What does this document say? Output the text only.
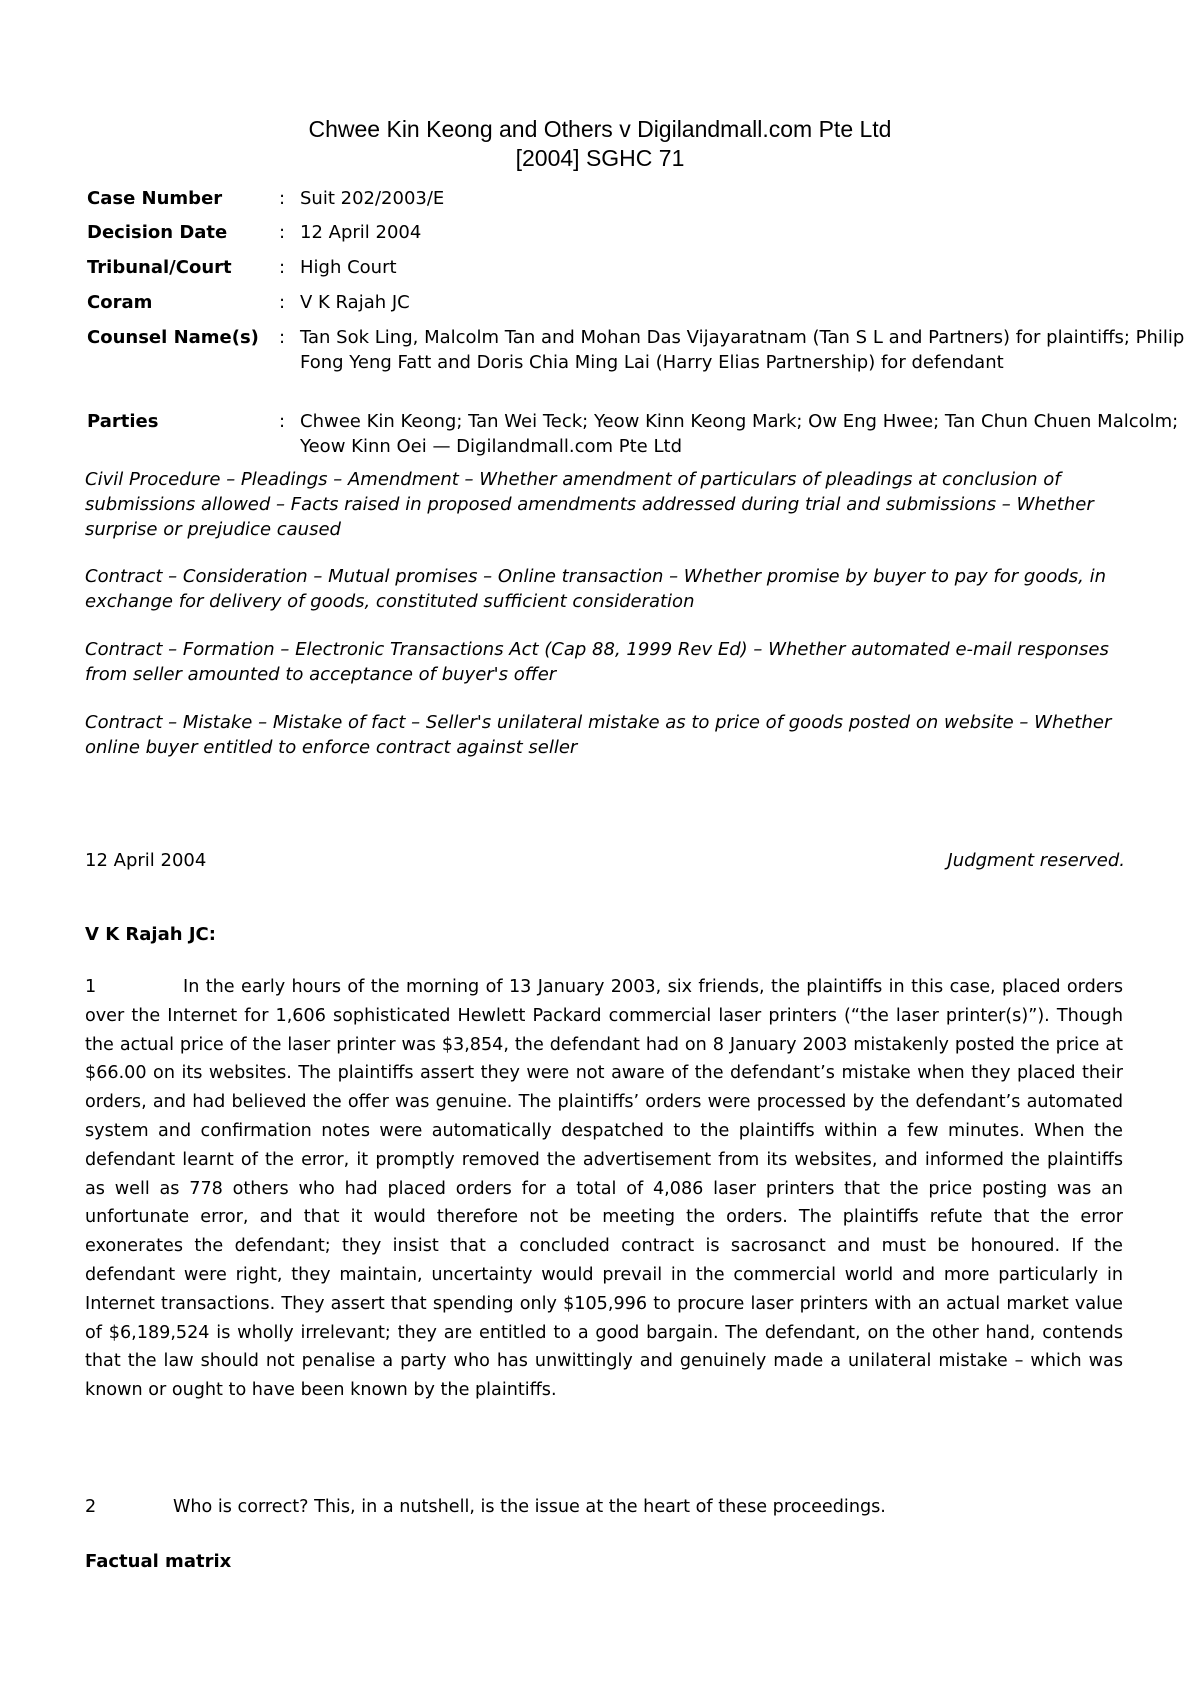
Chwee Kin Keong and Others v Digilandmall.com Pte Ltd
[2004] SGHC 71
Case Number	: Suit 202/2003/E
Decision Date	: 12 April 2004
Tribunal/Court	: High Court
Coram	: V K Rajah JC
Counsel Name(s)	: Tan Sok Ling, Malcolm Tan and Mohan Das Vijayaratnam (Tan S L and Partners) for plaintiffs; Philip Fong Yeng Fatt and Doris Chia Ming Lai (Harry Elias Partnership) for defendant
Parties	: Chwee Kin Keong; Tan Wei Teck; Yeow Kinn Keong Mark; Ow Eng Hwee; Tan Chun Chuen Malcolm; Yeow Kinn Oei — Digilandmall.com Pte Ltd
Civil Procedure – Pleadings – Amendment – Whether amendment of particulars of pleadings at conclusion of submissions allowed – Facts raised in proposed amendments addressed during trial and submissions – Whether surprise or prejudice caused
Contract – Consideration – Mutual promises – Online transaction – Whether promise by buyer to pay for goods, in exchange for delivery of goods, constituted sufficient consideration
Contract – Formation – Electronic Transactions Act (Cap 88, 1999 Rev Ed) – Whether automated e-mail responses from seller amounted to acceptance of buyer's offer
Contract – Mistake – Mistake of fact – Seller's unilateral mistake as to price of goods posted on website – Whether online buyer entitled to enforce contract against seller
12 April 2004	Judgment reserved.
V K Rajah JC:
1	In the early hours of the morning of 13 January 2003, six friends, the plaintiffs in this case, placed orders over the Internet for 1,606 sophisticated Hewlett Packard commercial laser printers (“the laser printer(s)”). Though the actual price of the laser printer was $3,854, the defendant had on 8 January 2003 mistakenly posted the price at $66.00 on its websites. The plaintiffs assert they were not aware of the defendant’s mistake when they placed their orders, and had believed the offer was genuine. The plaintiffs’ orders were processed by the defendant’s automated system and confirmation notes were automatically despatched to the plaintiffs within a few minutes. When the defendant learnt of the error, it promptly removed the advertisement from its websites, and informed the plaintiffs as well as 778 others who had placed orders for a total of 4,086 laser printers that the price posting was an unfortunate error, and that it would therefore not be meeting the orders. The plaintiffs refute that the error exonerates the defendant; they insist that a concluded contract is sacrosanct and must be honoured. If the defendant were right, they maintain, uncertainty would prevail in the commercial world and more particularly in Internet transactions. They assert that spending only $105,996 to procure laser printers with an actual market value of $6,189,524 is wholly irrelevant; they are entitled to a good bargain. The defendant, on the other hand, contends that the law should not penalise a party who has unwittingly and genuinely made a unilateral mistake – which was known or ought to have been known by the plaintiffs.
2	Who is correct? This, in a nutshell, is the issue at the heart of these proceedings.
Factual matrix
